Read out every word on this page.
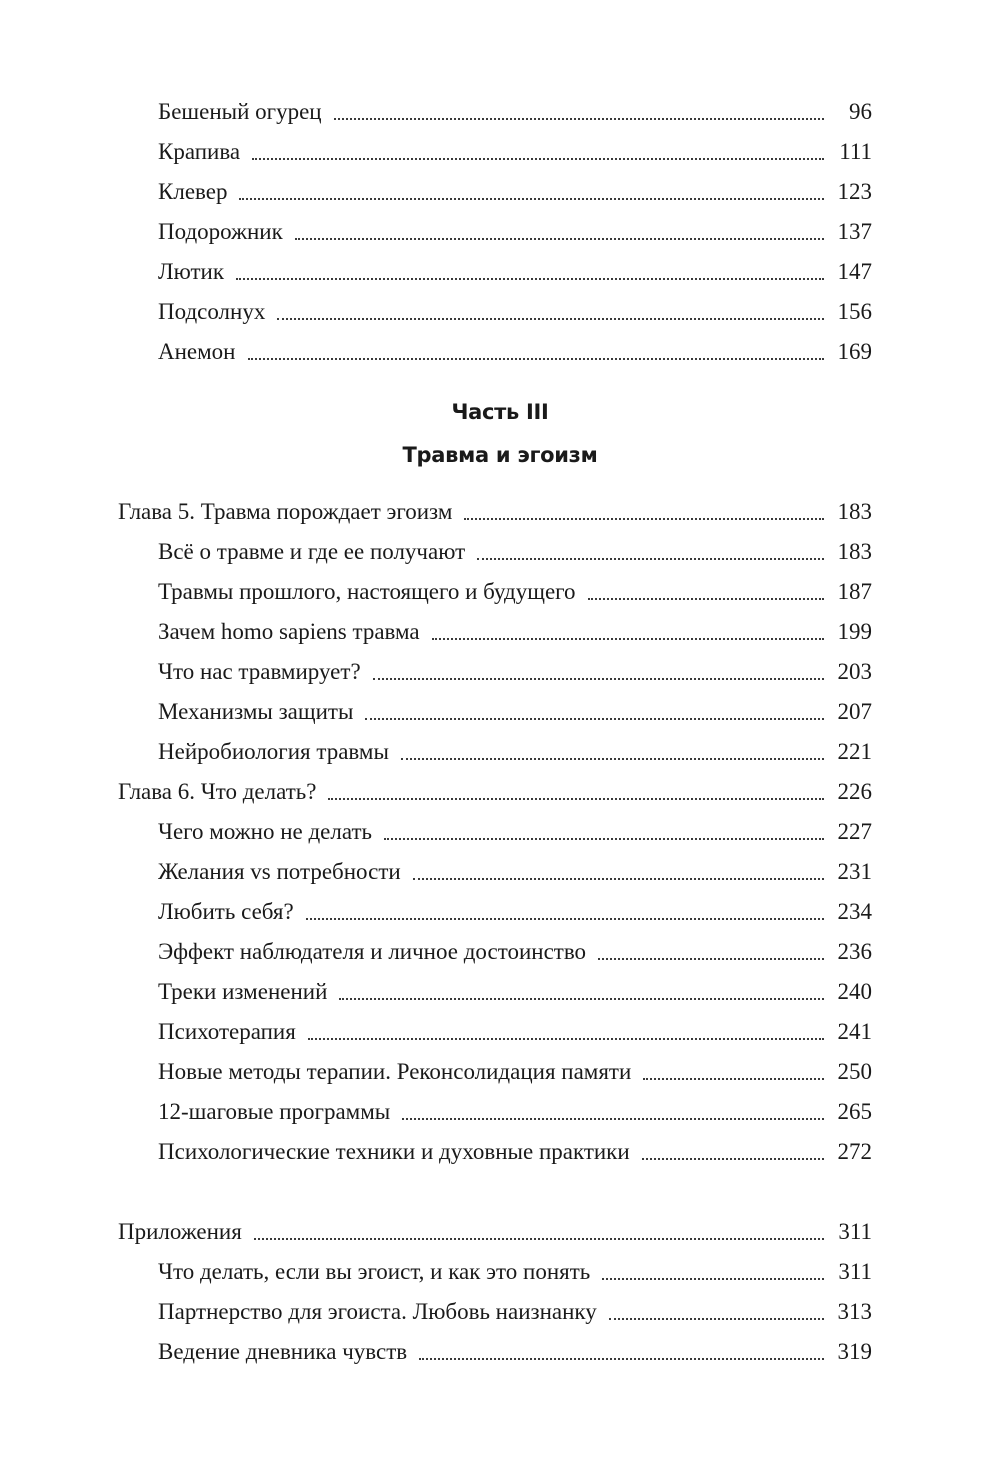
Бешеный огурец	96
Крапива	111
Клевер	123
Подорожник	137
Лютик	147
Подсолнух	156
Анемон	169
Часть III
Травма и эгоизм
Глава 5. Травма порождает эгоизм	183
Всё о травме и где ее получают	183
Травмы прошлого, настоящего и будущего	187
Зачем homo sapiens травма	199
Что нас травмирует?	203
Механизмы защиты	207
Нейробиология травмы	221
Глава 6. Что делать?	226
Чего можно не делать	227
Желания vs потребности	231
Любить себя?	234
Эффект наблюдателя и личное достоинство	236
Треки изменений	240
Психотерапия	241
Новые методы терапии. Реконсолидация памяти	250
12-шаговые программы	265
Психологические техники и духовные практики	272
Приложения	311
Что делать, если вы эгоист, и как это понять	311
Партнерство для эгоиста. Любовь наизнанку	313
Ведение дневника чувств	319
